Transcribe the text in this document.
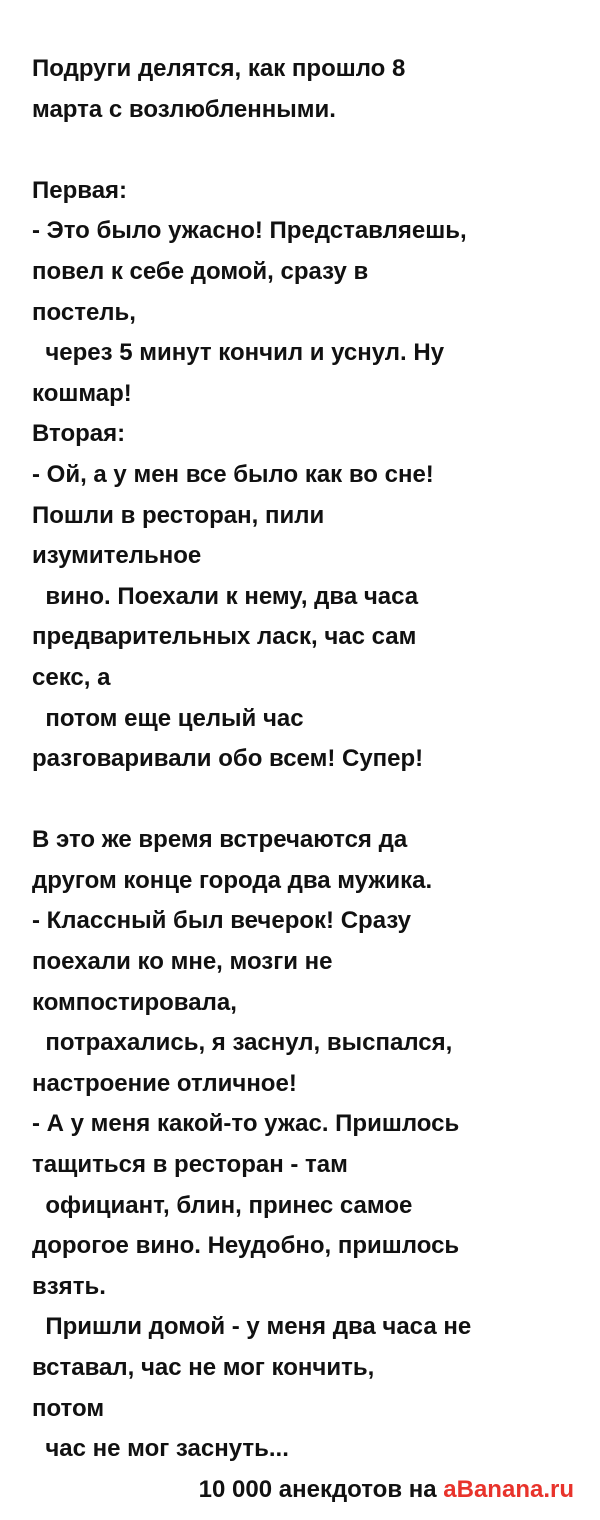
Подруги делятся, как прошло 8
марта с возлюбленными.
Первая:
- Это было ужасно! Представляешь,
повел к себе домой, сразу в
постель,
через 5 минут кончил и уснул. Ну
кошмар!
Вторая:
- Ой, а у мен все было как во сне!
Пошли в ресторан, пили
изумительное
вино. Поехали к нему, два часа
предварительных ласк, час сам
секс, а
потом еще целый час
разговаривали обо всем! Супер!
В это же время встречаются да
другом конце города два мужика.
- Классный был вечерок! Сразу
поехали ко мне, мозги не
компостировала,
потрахались, я заснул, выспался,
настроение отличное!
- А у меня какой-то ужас. Пришлось
тащиться в ресторан - там
официант, блин, принес самое
дорогое вино. Неудобно, пришлось
взять.
Пришли домой - у меня два часа не
вставал, час не мог кончить,
потом
час не мог заснуть...
10 000 анекдотов на aBanana.ru
